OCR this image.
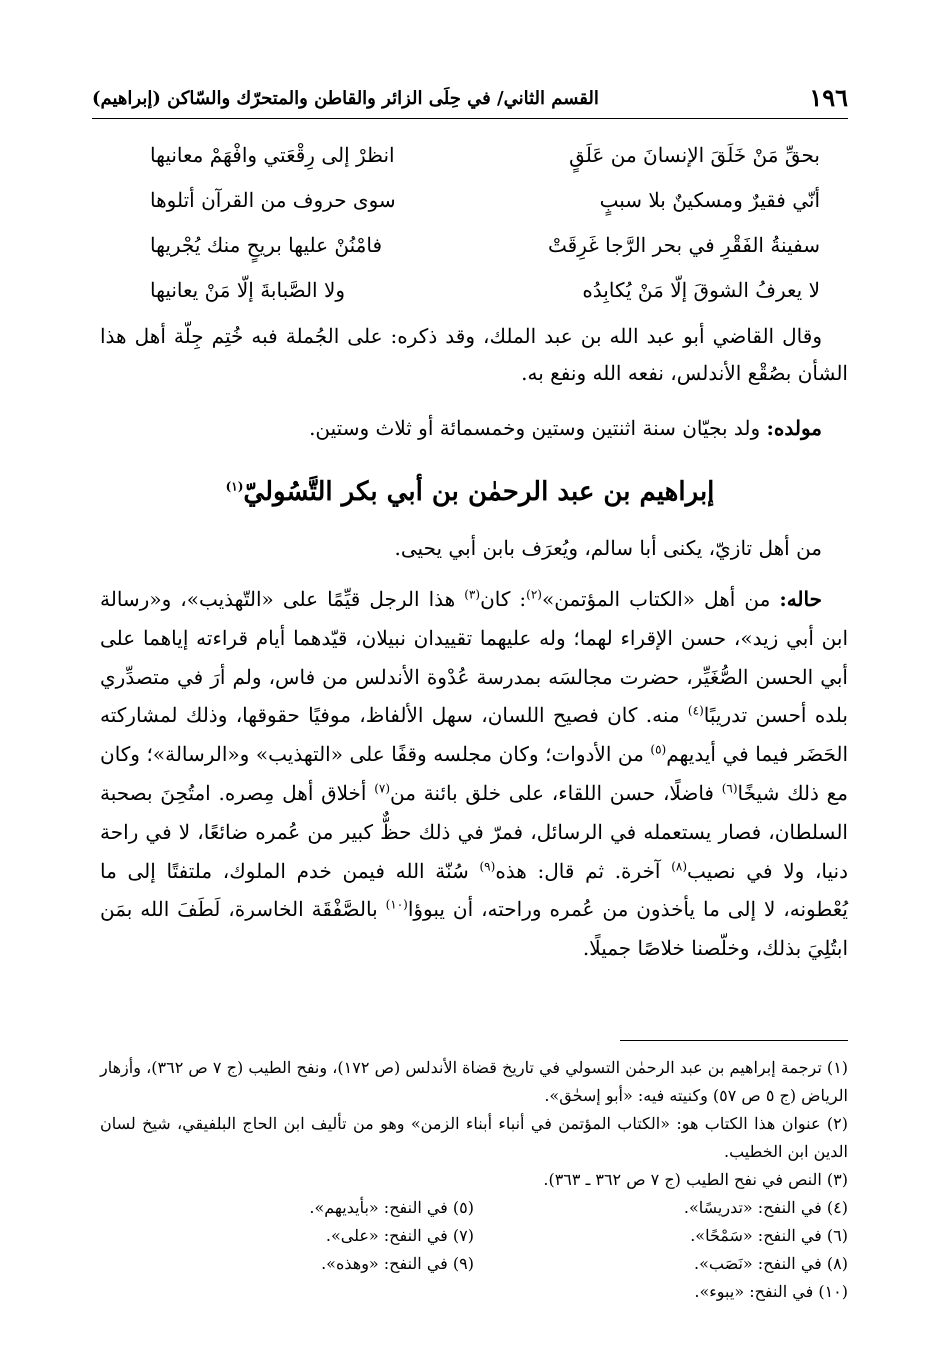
١٩٦
القسم الثاني/ في حِلَى الزائر والقاطن والمتحرّك والسّاكن (إبراهيم)
بحقِّ مَنْ خَلَقَ الإنسانَ من عَلَقٍ
انظرْ إلى رِقْعَتي وافْهَمْ معانيها
أنّي فقيرٌ ومسكينٌ بلا سببٍ
سوى حروف من القرآن أتلوها
سفينةُ الفَقْرِ في بحر الرَّجا غَرِقَتْ
فامْنُنْ عليها بريحٍ منك يُجْريها
لا يعرفُ الشوقَ إلّا مَنْ يُكابِدُه
ولا الصَّبابةَ إلّا مَنْ يعانيها
وقال القاضي أبو عبد الله بن عبد الملك، وقد ذكره: على الجُملة فبه خُتِم جِلّة أهل هذا الشأن بصُقْع الأندلس، نفعه الله ونفع به.
مولده: ولد بجيّان سنة اثنتين وستين وخمسمائة أو ثلاث وستين.
إبراهيم بن عبد الرحمٰن بن أبي بكر التَّسُوليّ$^{(١)}$
من أهل تازيّ، يكنى أبا سالم، ويُعرَف بابن أبي يحيى.
حاله: من أهل «الكتاب المؤتمن»$^{(٢)}$: كان$^{(٣)}$ هذا الرجل قيِّمًا على «التّهذيب»، و«رسالة ابن أبي زيد»، حسن الإقراء لهما؛ وله عليهما تقييدان نبيلان، قيّدهما أيام قراءته إياهما على أبي الحسن الصُّغَيِّر، حضرت مجالسَه بمدرسة عُدْوة الأندلس من فاس، ولم أرَ في متصدِّري بلده أحسن تدريبًا$^{(٤)}$ منه. كان فصيح اللسان، سهل الألفاظ، موفيًا حقوقها، وذلك لمشاركته الحَضَر فيما في أيديهم$^{(٥)}$ من الأدوات؛ وكان مجلسه وقفًا على «التهذيب» و«الرسالة»؛ وكان مع ذلك شيخًا$^{(٦)}$ فاضلًا، حسن اللقاء، على خلق بائنة من$^{(٧)}$ أخلاق أهل مِصره. امتُحِنَ بصحبة السلطان، فصار يستعمله في الرسائل، فمرّ في ذلك حظٌّ كبير من عُمره ضائعًا، لا في راحة دنيا، ولا في نصيب$^{(٨)}$ آخرة. ثم قال: هذه$^{(٩)}$ سُنّة الله فيمن خدم الملوك، ملتفتًا إلى ما يُعْطونه، لا إلى ما يأخذون من عُمره وراحته، أن يبوؤا$^{(١٠)}$ بالصَّفْقَة الخاسرة، لَطَفَ الله بمَن ابتُلِيَ بذلك، وخلّصنا خلاصًا جميلًا.
(١) ترجمة إبراهيم بن عبد الرحمٰن التسولي في تاريخ قضاة الأندلس (ص ١٧٢)، ونفح الطيب (ج ٧ ص ٣٦٢)، وأزهار الرياض (ج ٥ ص ٥٧) وكنيته فيه: «أبو إسحٰق».
(٢) عنوان هذا الكتاب هو: «الكتاب المؤتمن في أنباء أبناء الزمن» وهو من تأليف ابن الحاج البلفيقي، شيخ لسان الدين ابن الخطيب.
(٣) النص في نفح الطيب (ج ٧ ص ٣٦٢ ـ ٣٦٣).
(٤) في النفح: «تدريسًا».
(٥) في النفح: «بأيديهم».
(٦) في النفح: «سَمْحًا».
(٧) في النفح: «على».
(٨) في النفح: «نَصَب».
(٩) في النفح: «وهذه».
(١٠) في النفح: «يبوء».
